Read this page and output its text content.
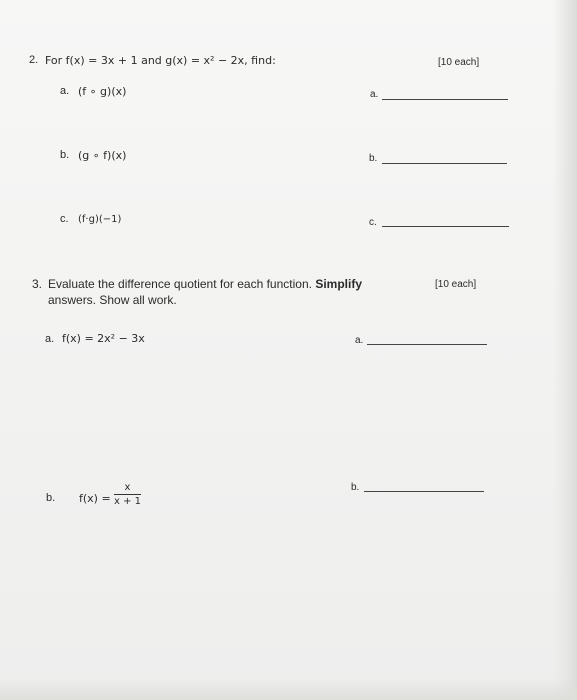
2. For f(x) = 3x + 1 and g(x) = x² − 2x, find:	[10 each]
a. (f ∘ g)(x)	a.
b. (g ∘ f)(x)	b.
c. (f·g)(−1)	c.
3. Evaluate the difference quotient for each function. Simplify
answers. Show all work.
[10 each]
a. f(x) = 2x² − 3x	a.
b. $f(x) = \frac{x}{x + 1}$	b.
